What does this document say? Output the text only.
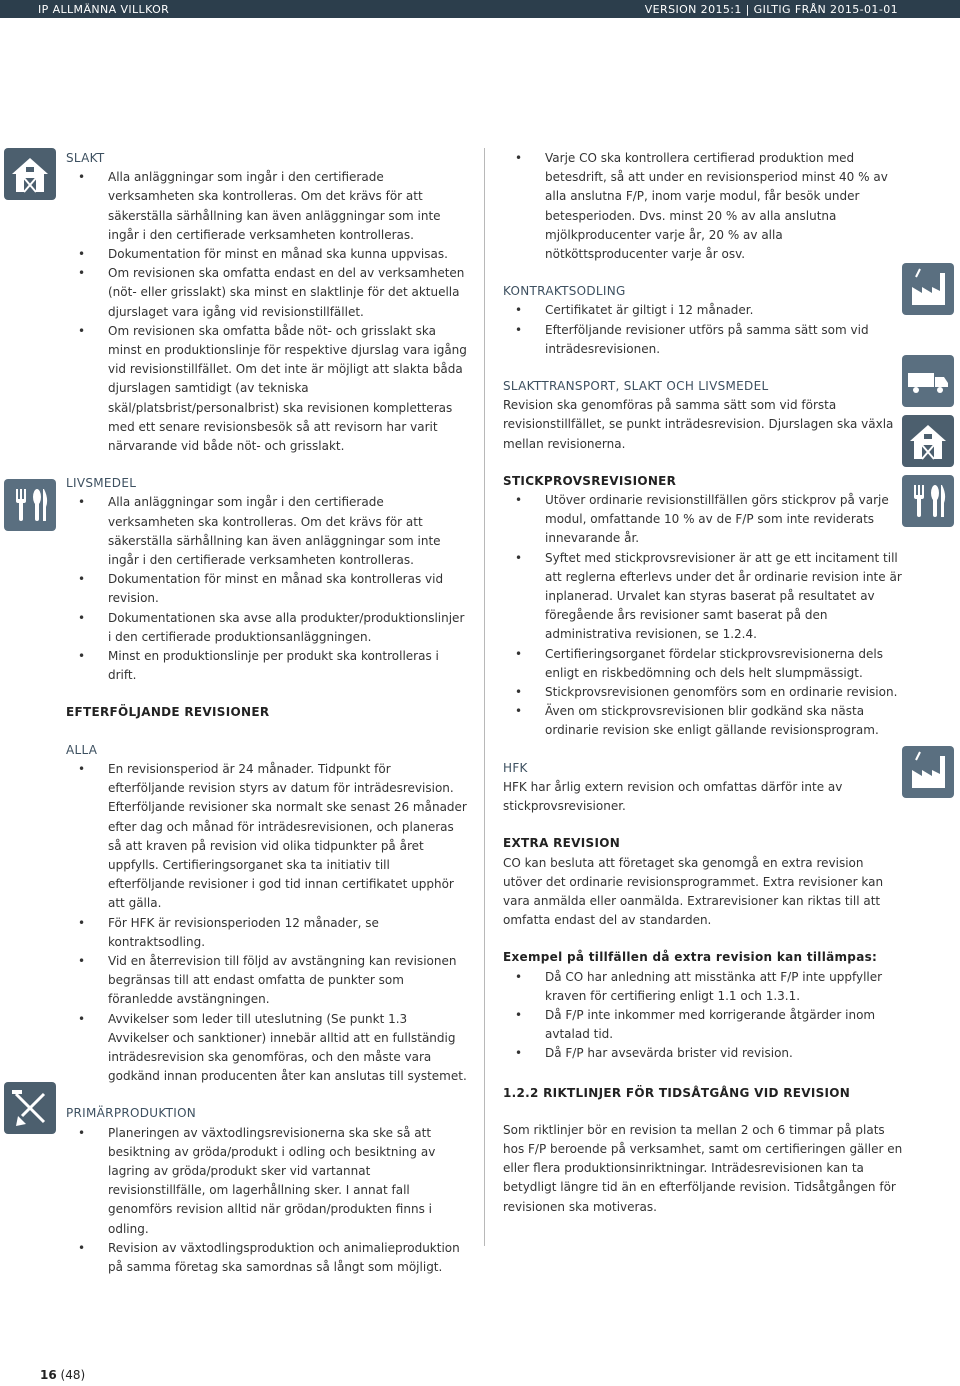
IP ALLMÄNNA VILLKOR	VERSION 2015:1 | GILTIG FRÅN 2015-01-01
SLAKT
• Alla anläggningar som ingår i den certifierade verksamheten ska kontrolleras. Om det krävs för att säkerställa särhållning kan även anläggningar som inte ingår i den certifierade verksamheten kontrolleras.
• Dokumentation för minst en månad ska kunna uppvisas.
• Om revisionen ska omfatta endast en del av verksamheten (nöt- eller grisslakt) ska minst en slaktlinje för det aktuella djurslaget vara igång vid revisionstillfället.
• Om revisionen ska omfatta både nöt- och grisslakt ska minst en produktionslinje för respektive djurslag vara igång vid revisionstillfället. Om det inte är möjligt att slakta båda djurslagen samtidigt (av tekniska skäl/platsbrist/personalbrist) ska revisionen kompletteras med ett senare revisionsbesök så att revisorn har varit närvarande vid både nöt- och grisslakt.
LIVSMEDEL
• Alla anläggningar som ingår i den certifierade verksamheten ska kontrolleras. Om det krävs för att säkerställa särhållning kan även anläggningar som inte ingår i den certifierade verksamheten kontrolleras.
• Dokumentation för minst en månad ska kontrolleras vid revision.
• Dokumentationen ska avse alla produkter/produktionslinjer i den certifierade produktionsanläggningen.
• Minst en produktionslinje per produkt ska kontrolleras i drift.
EFTERFÖLJANDE REVISIONER
ALLA
• En revisionsperiod är 24 månader. Tidpunkt för efterföljande revision styrs av datum för inträdesrevision. Efterföljande revisioner ska normalt ske senast 26 månader efter dag och månad för inträdesrevisionen, och planeras så att kraven på revision vid olika tidpunkter på året uppfylls. Certifieringsorganet ska ta initiativ till efterföljande revisioner i god tid innan certifikatet upphör att gälla.
• För HFK är revisionsperioden 12 månader, se kontraktsodling.
• Vid en återrevision till följd av avstängning kan revisionen begränsas till att endast omfatta de punkter som föranledde avstängningen.
• Avvikelser som leder till uteslutning (Se punkt 1.3 Avvikelser och sanktioner) innebär alltid att en fullständig inträdesrevision ska genomföras, och den måste vara godkänd innan producenten åter kan anslutas till systemet.
PRIMÄRPRODUKTION
• Planeringen av växtodlingsrevisionerna ska ske så att besiktning av gröda/produkt i odling och besiktning av lagring av gröda/produkt sker vid vartannat revisionstillfälle, om lagerhållning sker. I annat fall genomförs revision alltid när grödan/produkten finns i odling.
• Revision av växtodlingsproduktion och animalieproduktion på samma företag ska samordnas så långt som möjligt.
• Varje CO ska kontrollera certifierad produktion med betesdrift, så att under en revisionsperiod minst 40 % av alla anslutna F/P, inom varje modul, får besök under betesperioden. Dvs. minst 20 % av alla anslutna mjölkproducenter varje år, 20 % av alla nötköttsproducenter varje år osv.
KONTRAKTSODLING
• Certifikatet är giltigt i 12 månader.
• Efterföljande revisioner utförs på samma sätt som vid inträdesrevisionen.
SLAKTTRANSPORT, SLAKT OCH LIVSMEDEL

Revision ska genomföras på samma sätt som vid första revisionstillfället, se punkt inträdesrevision. Djurslagen ska växla mellan revisionerna.

STICKPROVSREVISIONER
• Utöver ordinarie revisionstillfällen görs stickprov på varje modul, omfattande 10 % av de F/P som inte reviderats innevarande år.
• Syftet med stickprovsrevisioner är att ge ett incitament till att reglerna efterlevs under det år ordinarie revision inte är inplanerad. Urvalet kan styras baserat på resultatet av föregående års revisioner samt baserat på den administrativa revisionen, se 1.2.4.
• Certifieringsorganet fördelar stickprovsrevisionerna dels enligt en riskbedömning och dels helt slumpmässigt.
• Stickprovsrevisionen genomförs som en ordinarie revision.
• Även om stickprovsrevisionen blir godkänd ska nästa ordinarie revision ske enligt gällande revisionsprogram.
HFK

HFK har årlig extern revision och omfattas därför inte av stickprovsrevisioner.

EXTRA REVISION

CO kan besluta att företaget ska genomgå en extra revision utöver det ordinarie revisionsprogrammet. Extra revisioner kan vara anmälda eller oanmälda. Extrarevisioner kan riktas till att omfatta endast del av standarden.

Exempel på tillfällen då extra revision kan tillämpas:
• Då CO har anledning att misstänka att F/P inte uppfyller kraven för certifiering enligt 1.1 och 1.3.1.
• Då F/P inte inkommer med korrigerande åtgärder inom avtalad tid.
• Då F/P har avsevärda brister vid revision.
1.2.2 RIKTLINJER FÖR TIDSÅTGÅNG VID REVISION

Som riktlinjer bör en revision ta mellan 2 och 6 timmar på plats hos F/P beroende på verksamhet, samt om certifieringen gäller en eller flera produktionsinriktningar. Inträdesrevisionen kan ta betydligt längre tid än en efterföljande revision. Tidsåtgången för revisionen ska motiveras.

16 (48)
